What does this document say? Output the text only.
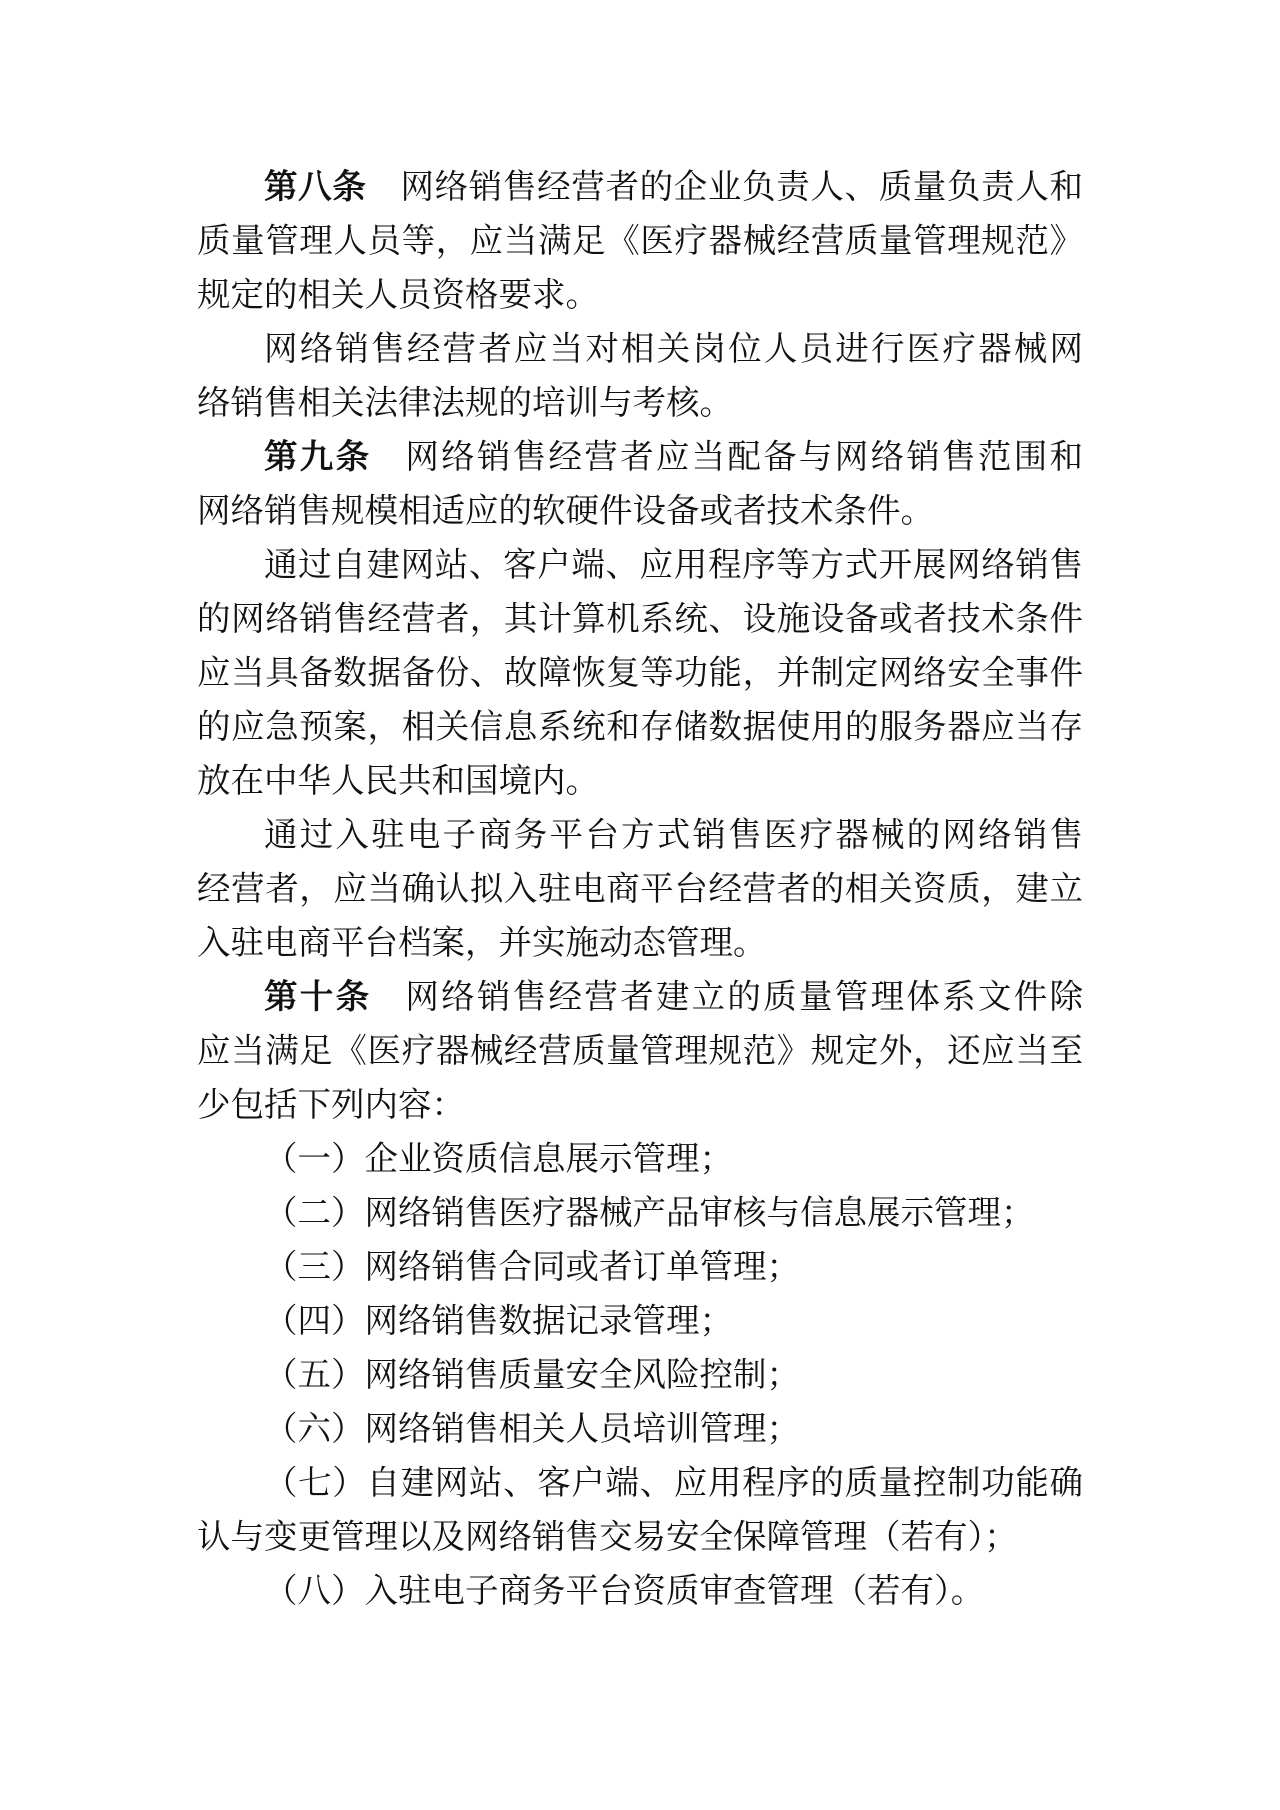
第八条 网络销售经营者的企业负责人、质量负责人和
质量管理人员等，应当满足《医疗器械经营质量管理规范》
规定的相关人员资格要求。
网络销售经营者应当对相关岗位人员进行医疗器械网
络销售相关法律法规的培训与考核。
第九条 网络销售经营者应当配备与网络销售范围和
网络销售规模相适应的软硬件设备或者技术条件。
通过自建网站、客户端、应用程序等方式开展网络销售
的网络销售经营者，其计算机系统、设施设备或者技术条件
应当具备数据备份、故障恢复等功能，并制定网络安全事件
的应急预案，相关信息系统和存储数据使用的服务器应当存
放在中华人民共和国境内。
通过入驻电子商务平台方式销售医疗器械的网络销售
经营者，应当确认拟入驻电商平台经营者的相关资质，建立
入驻电商平台档案，并实施动态管理。
第十条 网络销售经营者建立的质量管理体系文件除
应当满足《医疗器械经营质量管理规范》规定外，还应当至
少包括下列内容：
（一）企业资质信息展示管理；
（二）网络销售医疗器械产品审核与信息展示管理；
（三）网络销售合同或者订单管理；
（四）网络销售数据记录管理；
（五）网络销售质量安全风险控制；
（六）网络销售相关人员培训管理；
（七）自建网站、客户端、应用程序的质量控制功能确
认与变更管理以及网络销售交易安全保障管理（若有）；
（八）入驻电子商务平台资质审查管理（若有）。
